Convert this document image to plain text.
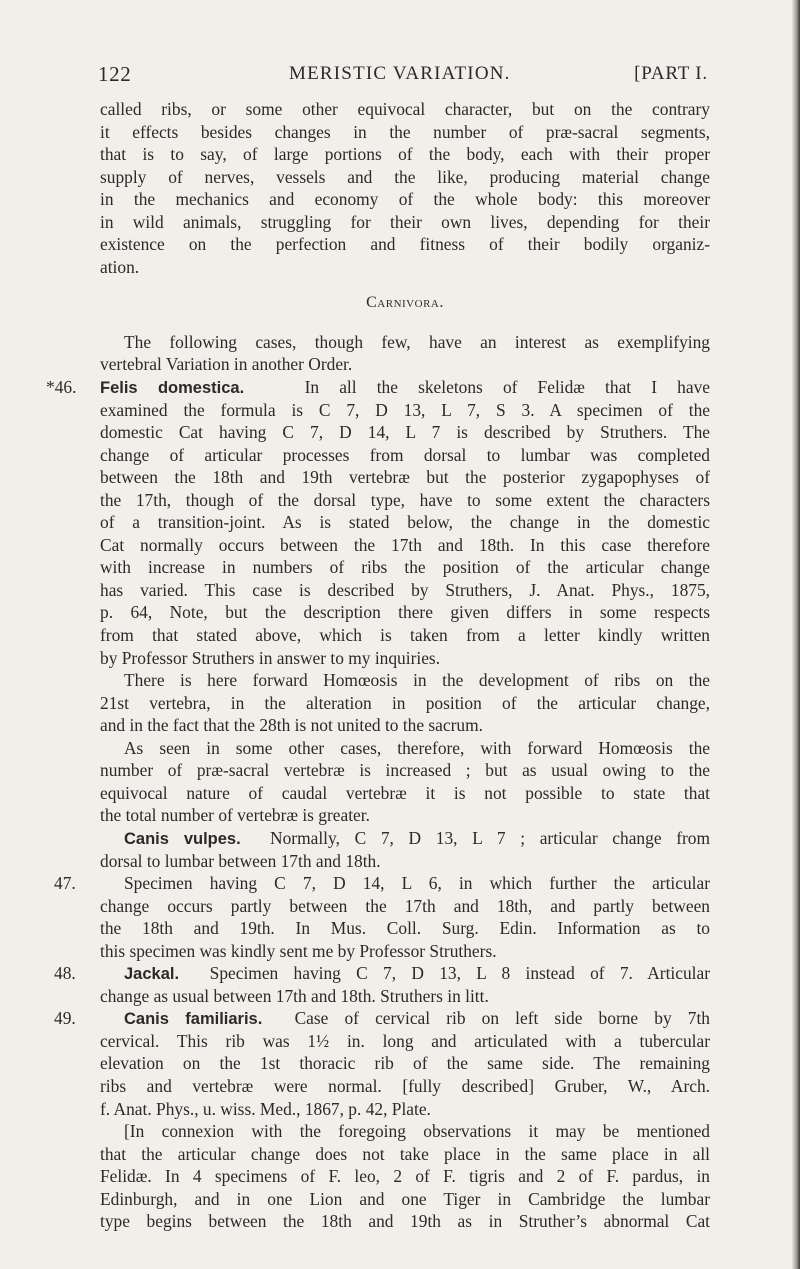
122	MERISTIC VARIATION.	[PART I.
called ribs, or some other equivocal character, but on the contrary
it effects besides changes in the number of præ-sacral segments,
that is to say, of large portions of the body, each with their proper
supply of nerves, vessels and the like, producing material change
in the mechanics and economy of the whole body: this moreover
in wild animals, struggling for their own lives, depending for their
existence on the perfection and fitness of their bodily organiz-
ation.
Carnivora.
The following cases, though few, have an interest as exemplifying
vertebral Variation in another Order.
*46. Felis domestica.	In all the skeletons of Felidæ that I have
examined the formula is C 7, D 13, L 7, S 3. A specimen of the
domestic Cat having C 7, D 14, L 7 is described by Struthers. The
change of articular processes from dorsal to lumbar was completed
between the 18th and 19th vertebræ but the posterior zygapophyses of
the 17th, though of the dorsal type, have to some extent the characters
of a transition-joint. As is stated below, the change in the domestic
Cat normally occurs between the 17th and 18th. In this case therefore
with increase in numbers of ribs the position of the articular change
has varied. This case is described by Struthers, J. Anat. Phys., 1875,
p. 64, Note, but the description there given differs in some respects
from that stated above, which is taken from a letter kindly written
by Professor Struthers in answer to my inquiries.
There is here forward Homœosis in the development of ribs on the
21st vertebra, in the alteration in position of the articular change,
and in the fact that the 28th is not united to the sacrum.
As seen in some other cases, therefore, with forward Homœosis the
number of præ-sacral vertebræ is increased ; but as usual owing to the
equivocal nature of caudal vertebræ it is not possible to state that
the total number of vertebræ is greater.
Canis vulpes. Normally, C 7, D 13, L 7 ; articular change from
dorsal to lumbar between 17th and 18th.
47.	Specimen having C 7, D 14, L 6, in which further the articular
change occurs partly between the 17th and 18th, and partly between
the 18th and 19th. In Mus. Coll. Surg. Edin. Information as to
this specimen was kindly sent me by Professor Struthers.
48.	Jackal. Specimen having C 7, D 13, L 8 instead of 7. Articular
change as usual between 17th and 18th. Struthers in litt.
49.	Canis familiaris. Case of cervical rib on left side borne by 7th
cervical. This rib was 1½ in. long and articulated with a tubercular
elevation on the 1st thoracic rib of the same side. The remaining
ribs and vertebræ were normal. [fully described] Gruber, W., Arch.
f. Anat. Phys., u. wiss. Med., 1867, p. 42, Plate.
[In connexion with the foregoing observations it may be mentioned
that the articular change does not take place in the same place in all
Felidæ. In 4 specimens of F. leo, 2 of F. tigris and 2 of F. pardus, in
Edinburgh, and in one Lion and one Tiger in Cambridge the lumbar
type begins between the 18th and 19th as in Struther’s abnormal Cat
